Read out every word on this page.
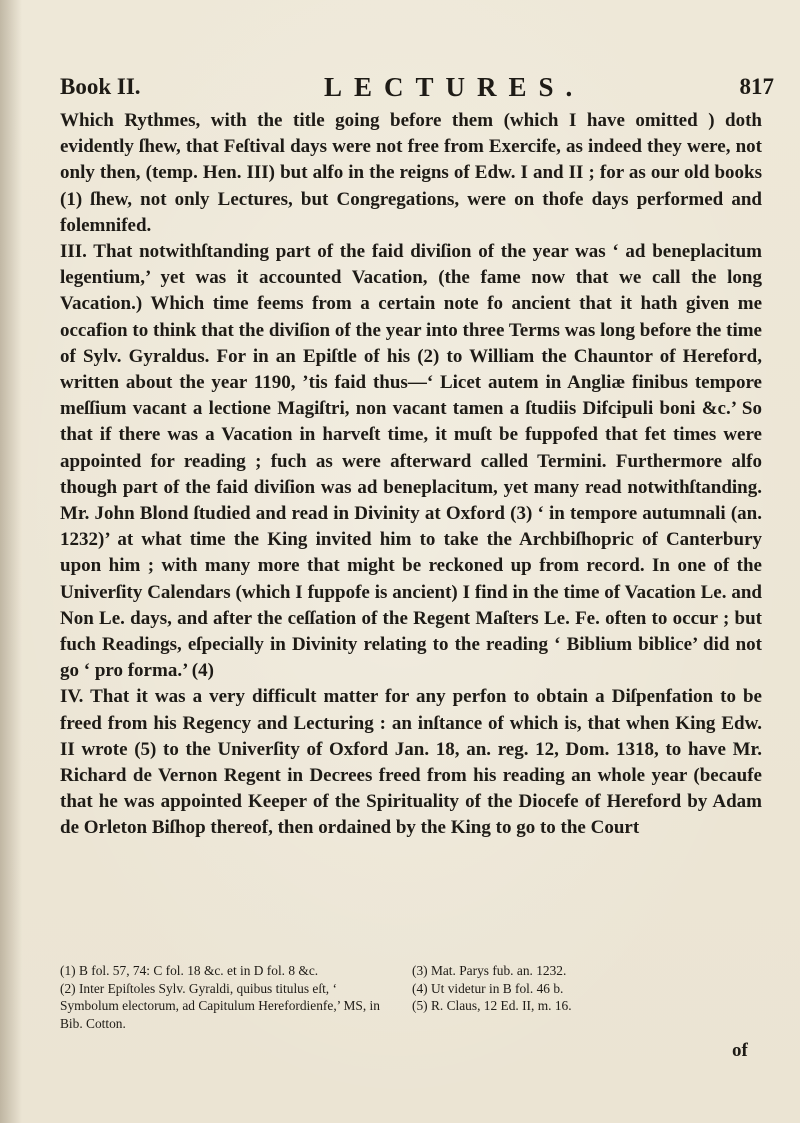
Book II.	LECTURES.	817

Which Rythmes, with the title going before them (which I have omitted ) doth evidently ſhew, that Feſtival days were not free from Exercife, as indeed they were, not only then, (temp. Hen. III) but alfo in the reigns of Edw. I and II ; for as our old books (1) ſhew, not only Lectures, but Congregations, were on thofe days performed and folemnifed.

III. That notwithſtanding part of the faid diviſion of the year was ‘ ad beneplacitum legentium,’ yet was it accounted Vacation, (the fame now that we call the long Vacation.) Which time feems from a certain note fo ancient that it hath given me occafion to think that the diviſion of the year into three Terms was long before the time of Sylv. Gyraldus. For in an Epiſtle of his (2) to William the Chauntor of Hereford, written about the year 1190, ’tis faid thus—‘ Licet autem in Angliæ finibus tempore meſſium vacant a lectione Magiſtri, non vacant tamen a ſtudiis Difcipuli boni &c.’ So that if there was a Vacation in harveſt time, it muſt be fuppofed that fet times were appointed for reading ; fuch as were afterward called Termini. Furthermore alfo though part of the faid diviſion was ad beneplacitum, yet many read notwithſtanding. Mr. John Blond ſtudied and read in Divinity at Oxford (3) ‘ in tempore autumnali (an. 1232)’ at what time the King invited him to take the Archbiſhopric of Canterbury upon him ; with many more that might be reckoned up from record. In one of the Univerſity Calendars (which I fuppofe is ancient) I find in the time of Vacation Le. and Non Le. days, and after the ceſſation of the Regent Maſters Le. Fe. often to occur ; but fuch Readings, eſpecially in Divinity relating to the reading ‘ Biblium biblice’ did not go ‘ pro forma.’ (4)

IV. That it was a very difficult matter for any perfon to obtain a Diſpenfation to be freed from his Regency and Lecturing : an inſtance of which is, that when King Edw. II wrote (5) to the Univerſity of Oxford Jan. 18, an. reg. 12, Dom. 1318, to have Mr. Richard de Vernon Regent in Decrees freed from his reading an whole year (becaufe that he was appointed Keeper of the Spirituality of the Diocefe of Hereford by Adam de Orleton Biſhop thereof, then ordained by the King to go to the Court

(1) B fol. 57, 74: C fol. 18 &c. et in D fol. 8 &c.

(2) Inter Epiſtoles Sylv. Gyraldi, quibus titulus eſt, ‘ Symbolum electorum, ad Capitulum Herefordienfe,’ MS, in Bib. Cotton.

(3) Mat. Parys fub. an. 1232.

(4) Ut videtur in B fol. 46 b.

(5) R. Claus, 12 Ed. II, m. 16.

of
